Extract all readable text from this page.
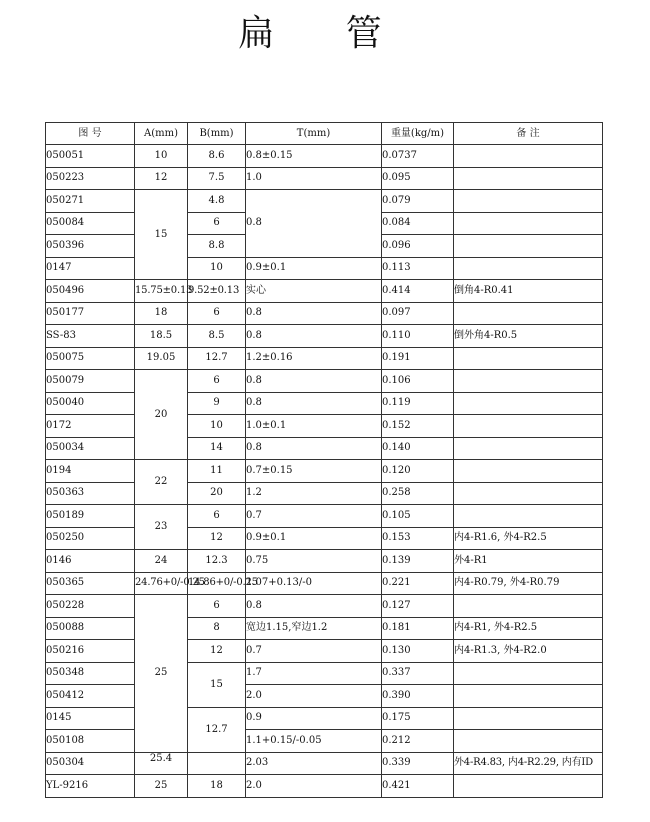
扁 管
图 号	A(mm)	B(mm)	T(mm)	重量(kg/m)	备 注
050051	10	8.6	0.8±0.15	0.0737	
050223	12	7.5	1.0	0.095	
050271	15	4.8	0.8	0.079	
050084		6		0.084	
050396		8.8		0.096	
0147		10	0.9±0.1	0.113	
050496	15.75±0.13	9.52±0.13	实心	0.414	倒角4-R0.41
050177	18	6	0.8	0.097	
SS-83	18.5	8.5	0.8	0.110	倒外角4-R0.5
050075	19.05	12.7	1.2±0.16	0.191	
050079	20	6	0.8	0.106	
050040		9	0.8	0.119	
0172		10	1.0±0.1	0.152	
050034		14	0.8	0.140	
0194	22	11	0.7±0.15	0.120	
050363		20	1.2	0.258	
050189	23	6	0.7	0.105	
050250		12	0.9±0.1	0.153	内4-R1.6, 外4-R2.5
0146	24	12.3	0.75	0.139	外4-R1
050365	24.76+0/-0.25	14.86+0/-0.25	1.07+0.13/-0	0.221	内4-R0.79, 外4-R0.79
050228	25	6	0.8	0.127	
050088		8	宽边1.15,窄边1.2	0.181	内4-R1, 外4-R2.5
050216		12	0.7	0.130	内4-R1.3, 外4-R2.0
050348		15	1.7	0.337	
050412			2.0	0.390	
0145		12.7	0.9	0.175	
050108			1.1+0.15/-0.05	0.212	
050304	25.4		2.03	0.339	外4-R4.83, 内4-R2.29, 内有ID
YL-9216	25	18	2.0	0.421	
